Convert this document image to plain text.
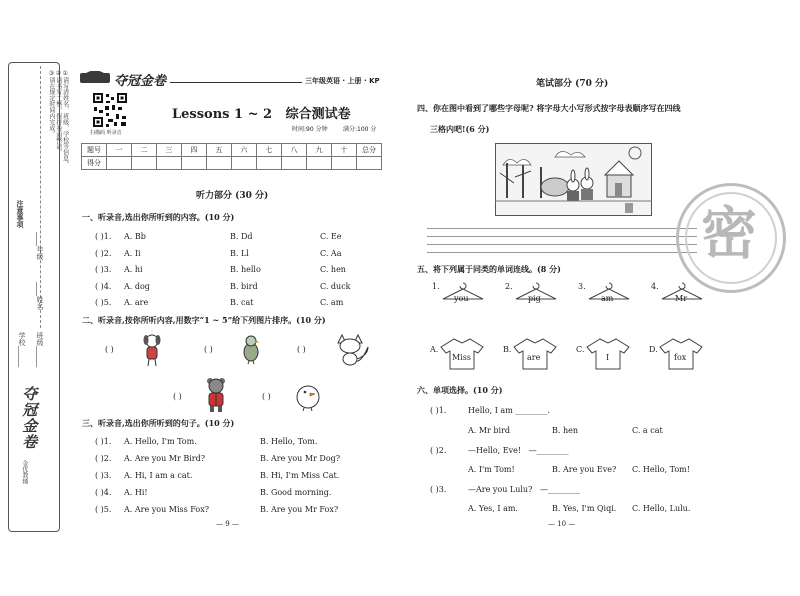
①请写清姓名、班级、学校等信息。
②请书写工整，保持卷面整洁。
③请在规定时间内完成。
注意事项
____年级
____姓名
学校______
班级______
夺冠金卷
金优教辅
夺冠金卷	三年级英语 · 上册 · KP
扫描码 听录音
Lessons 1 ~ 2   综合测试卷
时间:90 分钟	满分:100 分
题号	一	二	三	四	五	六	七	八	九	十	总分
得分											
听力部分 (30 分)
一、听录音,选出你所听到的内容。(10 分)
( )1. A. Bb	B. Dd	C. Ee
( )2. A. Ii	B. Ll	C. Aa
( )3. A. hi	B. hello	C. hen
( )4. A. dog	B. bird	C. duck
( )5. A. are	B. cat	C. am
二、听录音,按你所听内容,用数字“1 ~ 5”给下列图片排序。(10 分)
( )	( )	( )
( )	( )
三、听录音,选出你所听到的句子。(10 分)
( )1. A. Hello, I'm Tom.	B. Hello, Tom.
( )2. A. Are you Mr Bird?	B. Are you Mr Dog?
( )3. A. Hi, I am a cat.	B. Hi, I'm Miss Cat.
( )4. A. Hi!	B. Good morning.
( )5. A. Are you Miss Fox?	B. Are you Mr Fox?
— 9 —
笔试部分 (70 分)
四、你在图中看到了哪些字母呢? 将字母大小写形式按字母表顺序写在四线
三格内吧!(6 分)
密
五、将下列属于同类的单词连线。(8 分)
1.
you
2.
pig
3.
am
4.
Mr
A.
Miss
B.
are
C.
I
D.
fox
六、单项选择。(10 分)
( )1.	Hello, I am ________.
A. Mr bird	B. hen	C. a cat
( )2.	—Hello, Eve!   —________
A. I'm Tom!	B. Are you Eve? C. Hello, Tom!
( )3.	—Are you Lulu?   —________
A. Yes, I am.	B. Yes, I'm Qiqi. C. Hello, Lulu.
— 10 —
